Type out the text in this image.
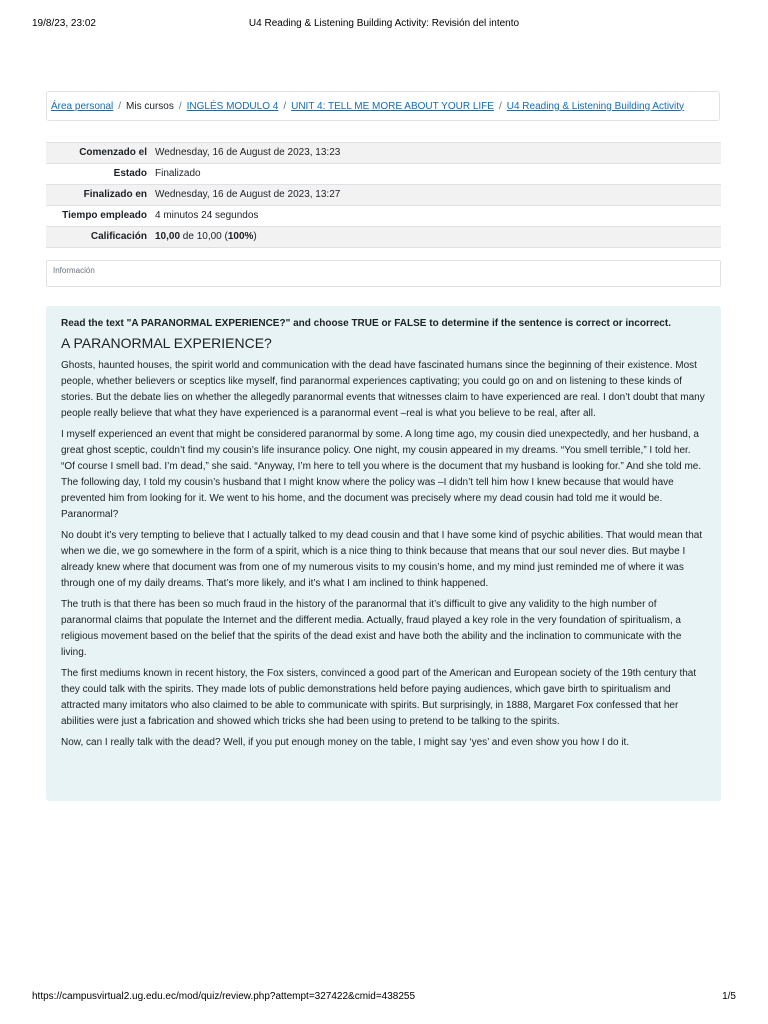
19/8/23, 23:02	U4 Reading & Listening Building Activity: Revisión del intento
Área personal / Mis cursos / INGLÉS MODULO 4 / UNIT 4: TELL ME MORE ABOUT YOUR LIFE / U4 Reading & Listening Building Activity
Comenzado el	Wednesday, 16 de August de 2023, 13:23
Estado	Finalizado
Finalizado en	Wednesday, 16 de August de 2023, 13:27
Tiempo empleado	4 minutos 24 segundos
Calificación	10,00 de 10,00 (100%)
Información

Read the text "A PARANORMAL EXPERIENCE?" and choose TRUE or FALSE to determine if the sentence is correct or incorrect.

A PARANORMAL EXPERIENCE?

Ghosts, haunted houses, the spirit world and communication with the dead have fascinated humans since the beginning of their existence. Most people, whether believers or sceptics like myself, find paranormal experiences captivating; you could go on and on listening to these kinds of stories. But the debate lies on whether the allegedly paranormal events that witnesses claim to have experienced are real. I don’t doubt that many people really believe that what they have experienced is a paranormal event –real is what you believe to be real, after all.

I myself experienced an event that might be considered paranormal by some. A long time ago, my cousin died unexpectedly, and her husband, a great ghost sceptic, couldn’t find my cousin’s life insurance policy. One night, my cousin appeared in my dreams. “You smell terrible,” I told her. “Of course I smell bad. I’m dead,” she said. “Anyway, I’m here to tell you where is the document that my husband is looking for.” And she told me. The following day, I told my cousin’s husband that I might know where the policy was –I didn’t tell him how I knew because that would have prevented him from looking for it. We went to his home, and the document was precisely where my dead cousin had told me it would be. Paranormal?

No doubt it’s very tempting to believe that I actually talked to my dead cousin and that I have some kind of psychic abilities. That would mean that when we die, we go somewhere in the form of a spirit, which is a nice thing to think because that means that our soul never dies. But maybe I already knew where that document was from one of my numerous visits to my cousin’s home, and my mind just reminded me of where it was through one of my daily dreams. That’s more likely, and it’s what I am inclined to think happened.

The truth is that there has been so much fraud in the history of the paranormal that it’s difficult to give any validity to the high number of paranormal claims that populate the Internet and the different media. Actually, fraud played a key role in the very foundation of spiritualism, a religious movement based on the belief that the spirits of the dead exist and have both the ability and the inclination to communicate with the living.

The first mediums known in recent history, the Fox sisters, convinced a good part of the American and European society of the 19th century that they could talk with the spirits. They made lots of public demonstrations held before paying audiences, which gave birth to spiritualism and attracted many imitators who also claimed to be able to communicate with spirits. But surprisingly, in 1888, Margaret Fox confessed that her abilities were just a fabrication and showed which tricks she had been using to pretend to be talking to the spirits.

Now, can I really talk with the dead? Well, if you put enough money on the table, I might say ‘yes’ and even show you how I do it.

https://campusvirtual2.ug.edu.ec/mod/quiz/review.php?attempt=327422&cmid=438255	1/5
